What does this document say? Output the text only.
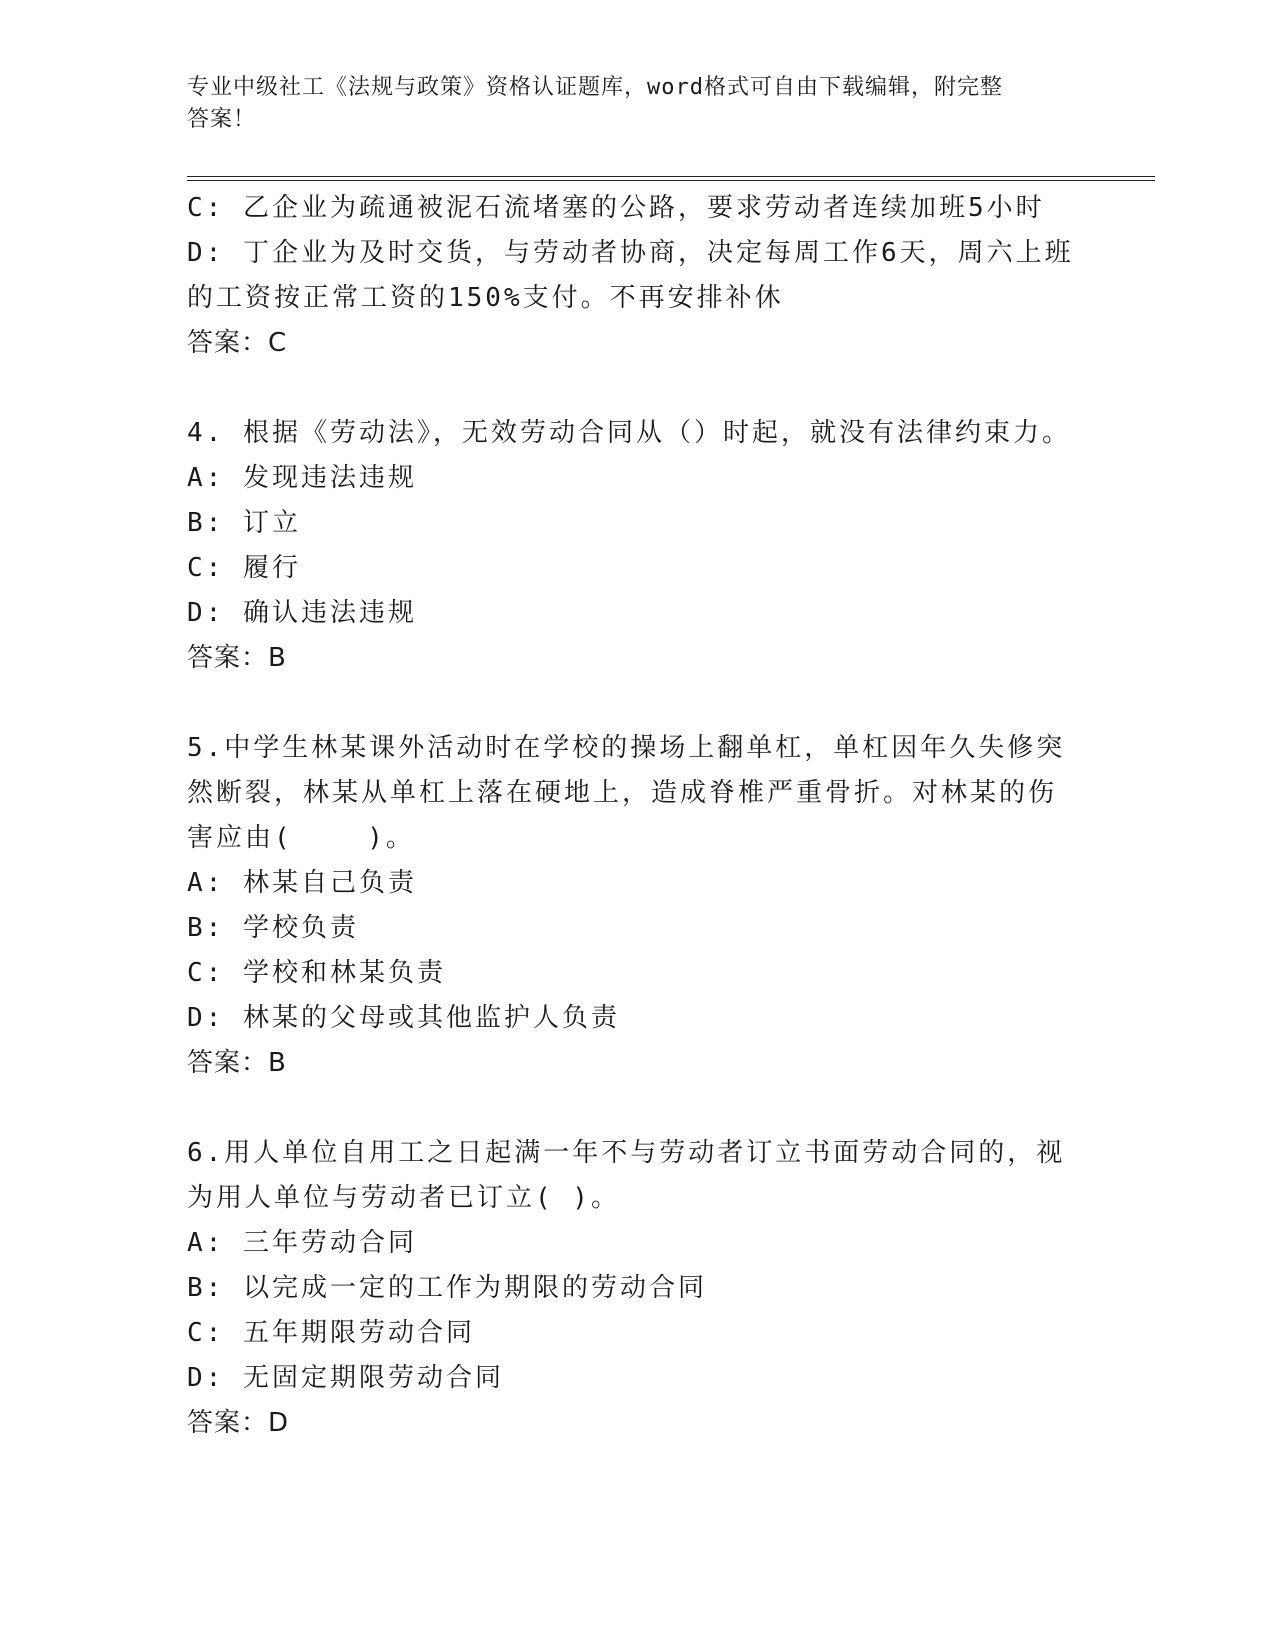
专业中级社工《法规与政策》资格认证题库，word格式可自由下载编辑，附完整
答案！
C: 乙企业为疏通被泥石流堵塞的公路，要求劳动者连续加班5小时
D: 丁企业为及时交货，与劳动者协商，决定每周工作6天，周六上班
的工资按正常工资的150%支付。不再安排补休
答案：C
4. 根据《劳动法》，无效劳动合同从（）时起，就没有法律约束力。
A: 发现违法违规
B: 订立
C: 履行
D: 确认违法违规
答案：B
5.中学生林某课外活动时在学校的操场上翻单杠，单杠因年久失修突
然断裂，林某从单杠上落在硬地上，造成脊椎严重骨折。对林某的伤
害应由(    )。
A: 林某自己负责
B: 学校负责
C: 学校和林某负责
D: 林某的父母或其他监护人负责
答案：B
6.用人单位自用工之日起满一年不与劳动者订立书面劳动合同的，视
为用人单位与劳动者已订立( )。
A: 三年劳动合同
B: 以完成一定的工作为期限的劳动合同
C: 五年期限劳动合同
D: 无固定期限劳动合同
答案：D
